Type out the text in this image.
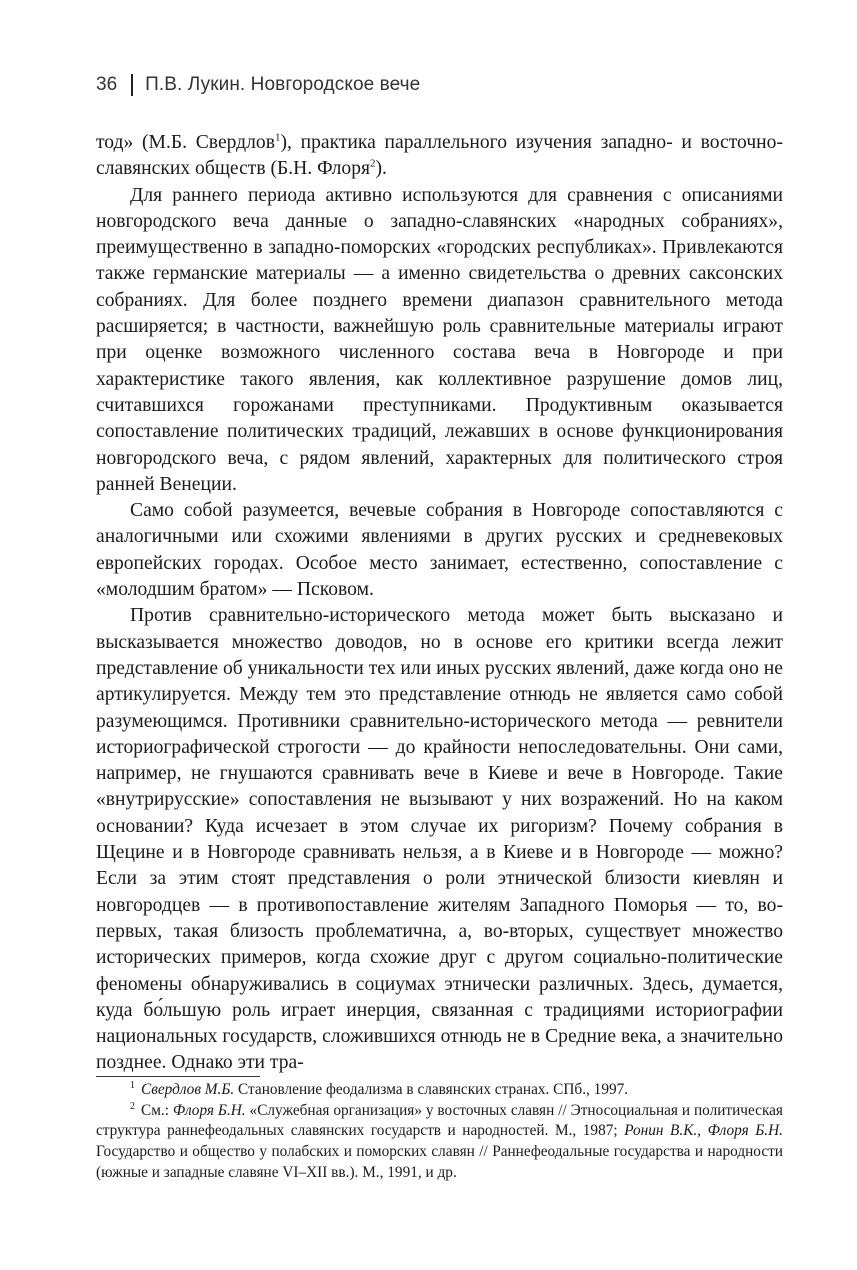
36 П.В. Лукин. Новгородское вече

тод» (М.Б. Свердлов$^1$), практика параллельного изучения западно- и восточно-славянских обществ (Б.Н. Флоря$^2$).

Для раннего периода активно используются для сравнения с описаниями новгородского веча данные о западно-славянских «народных собраниях», преимущественно в западно-поморских «городских республиках». Привлекаются также германские материалы — а именно свидетельства о древних саксонских собраниях. Для более позднего времени диапазон сравнительного метода расширяется; в частности, важнейшую роль сравнительные материалы играют при оценке возможного численного состава веча в Новгороде и при характеристике такого явления, как коллективное разрушение домов лиц, считавшихся горожанами преступниками. Продуктивным оказывается сопоставление политических традиций, лежавших в основе функционирования новгородского веча, с рядом явлений, характерных для политического строя ранней Венеции.

Само собой разумеется, вечевые собрания в Новгороде сопоставляются с аналогичными или схожими явлениями в других русских и средневековых европейских городах. Особое место занимает, естественно, сопоставление с «молодшим братом» — Псковом.

Против сравнительно-исторического метода может быть высказано и высказывается множество доводов, но в основе его критики всегда лежит представление об уникальности тех или иных русских явлений, даже когда оно не артикулируется. Между тем это представление отнюдь не является само собой разумеющимся. Противники сравнительно-исторического метода — ревнители историографической строгости — до крайности непоследовательны. Они сами, например, не гнушаются сравнивать вече в Киеве и вече в Новгороде. Такие «внутрирусские» сопоставления не вызывают у них возражений. Но на каком основании? Куда исчезает в этом случае их ригоризм? Почему собрания в Щецине и в Новгороде сравнивать нельзя, а в Киеве и в Новгороде — можно? Если за этим стоят представления о роли этнической близости киевлян и новгородцев — в противопоставление жителям Западного Поморья — то, во-первых, такая близость проблематична, а, во-вторых, существует множество исторических примеров, когда схожие друг с другом социально-политические феномены обнаруживались в социумах этнически различных. Здесь, думается, куда бо́льшую роль играет инерция, связанная с традициями историографии национальных государств, сложившихся отнюдь не в Средние века, а значительно позднее. Однако эти тра-

$^1$ Свердлов М.Б. Становление феодализма в славянских странах. СПб., 1997.

$^2$ См.: Флоря Б.Н. «Служебная организация» у восточных славян // Этносоциальная и политическая структура раннефеодальных славянских государств и народностей. М., 1987; Ронин В.К., Флоря Б.Н. Государство и общество у полабских и поморских славян // Раннефеодальные государства и народности (южные и западные славяне VI–XII вв.). М., 1991, и др.
